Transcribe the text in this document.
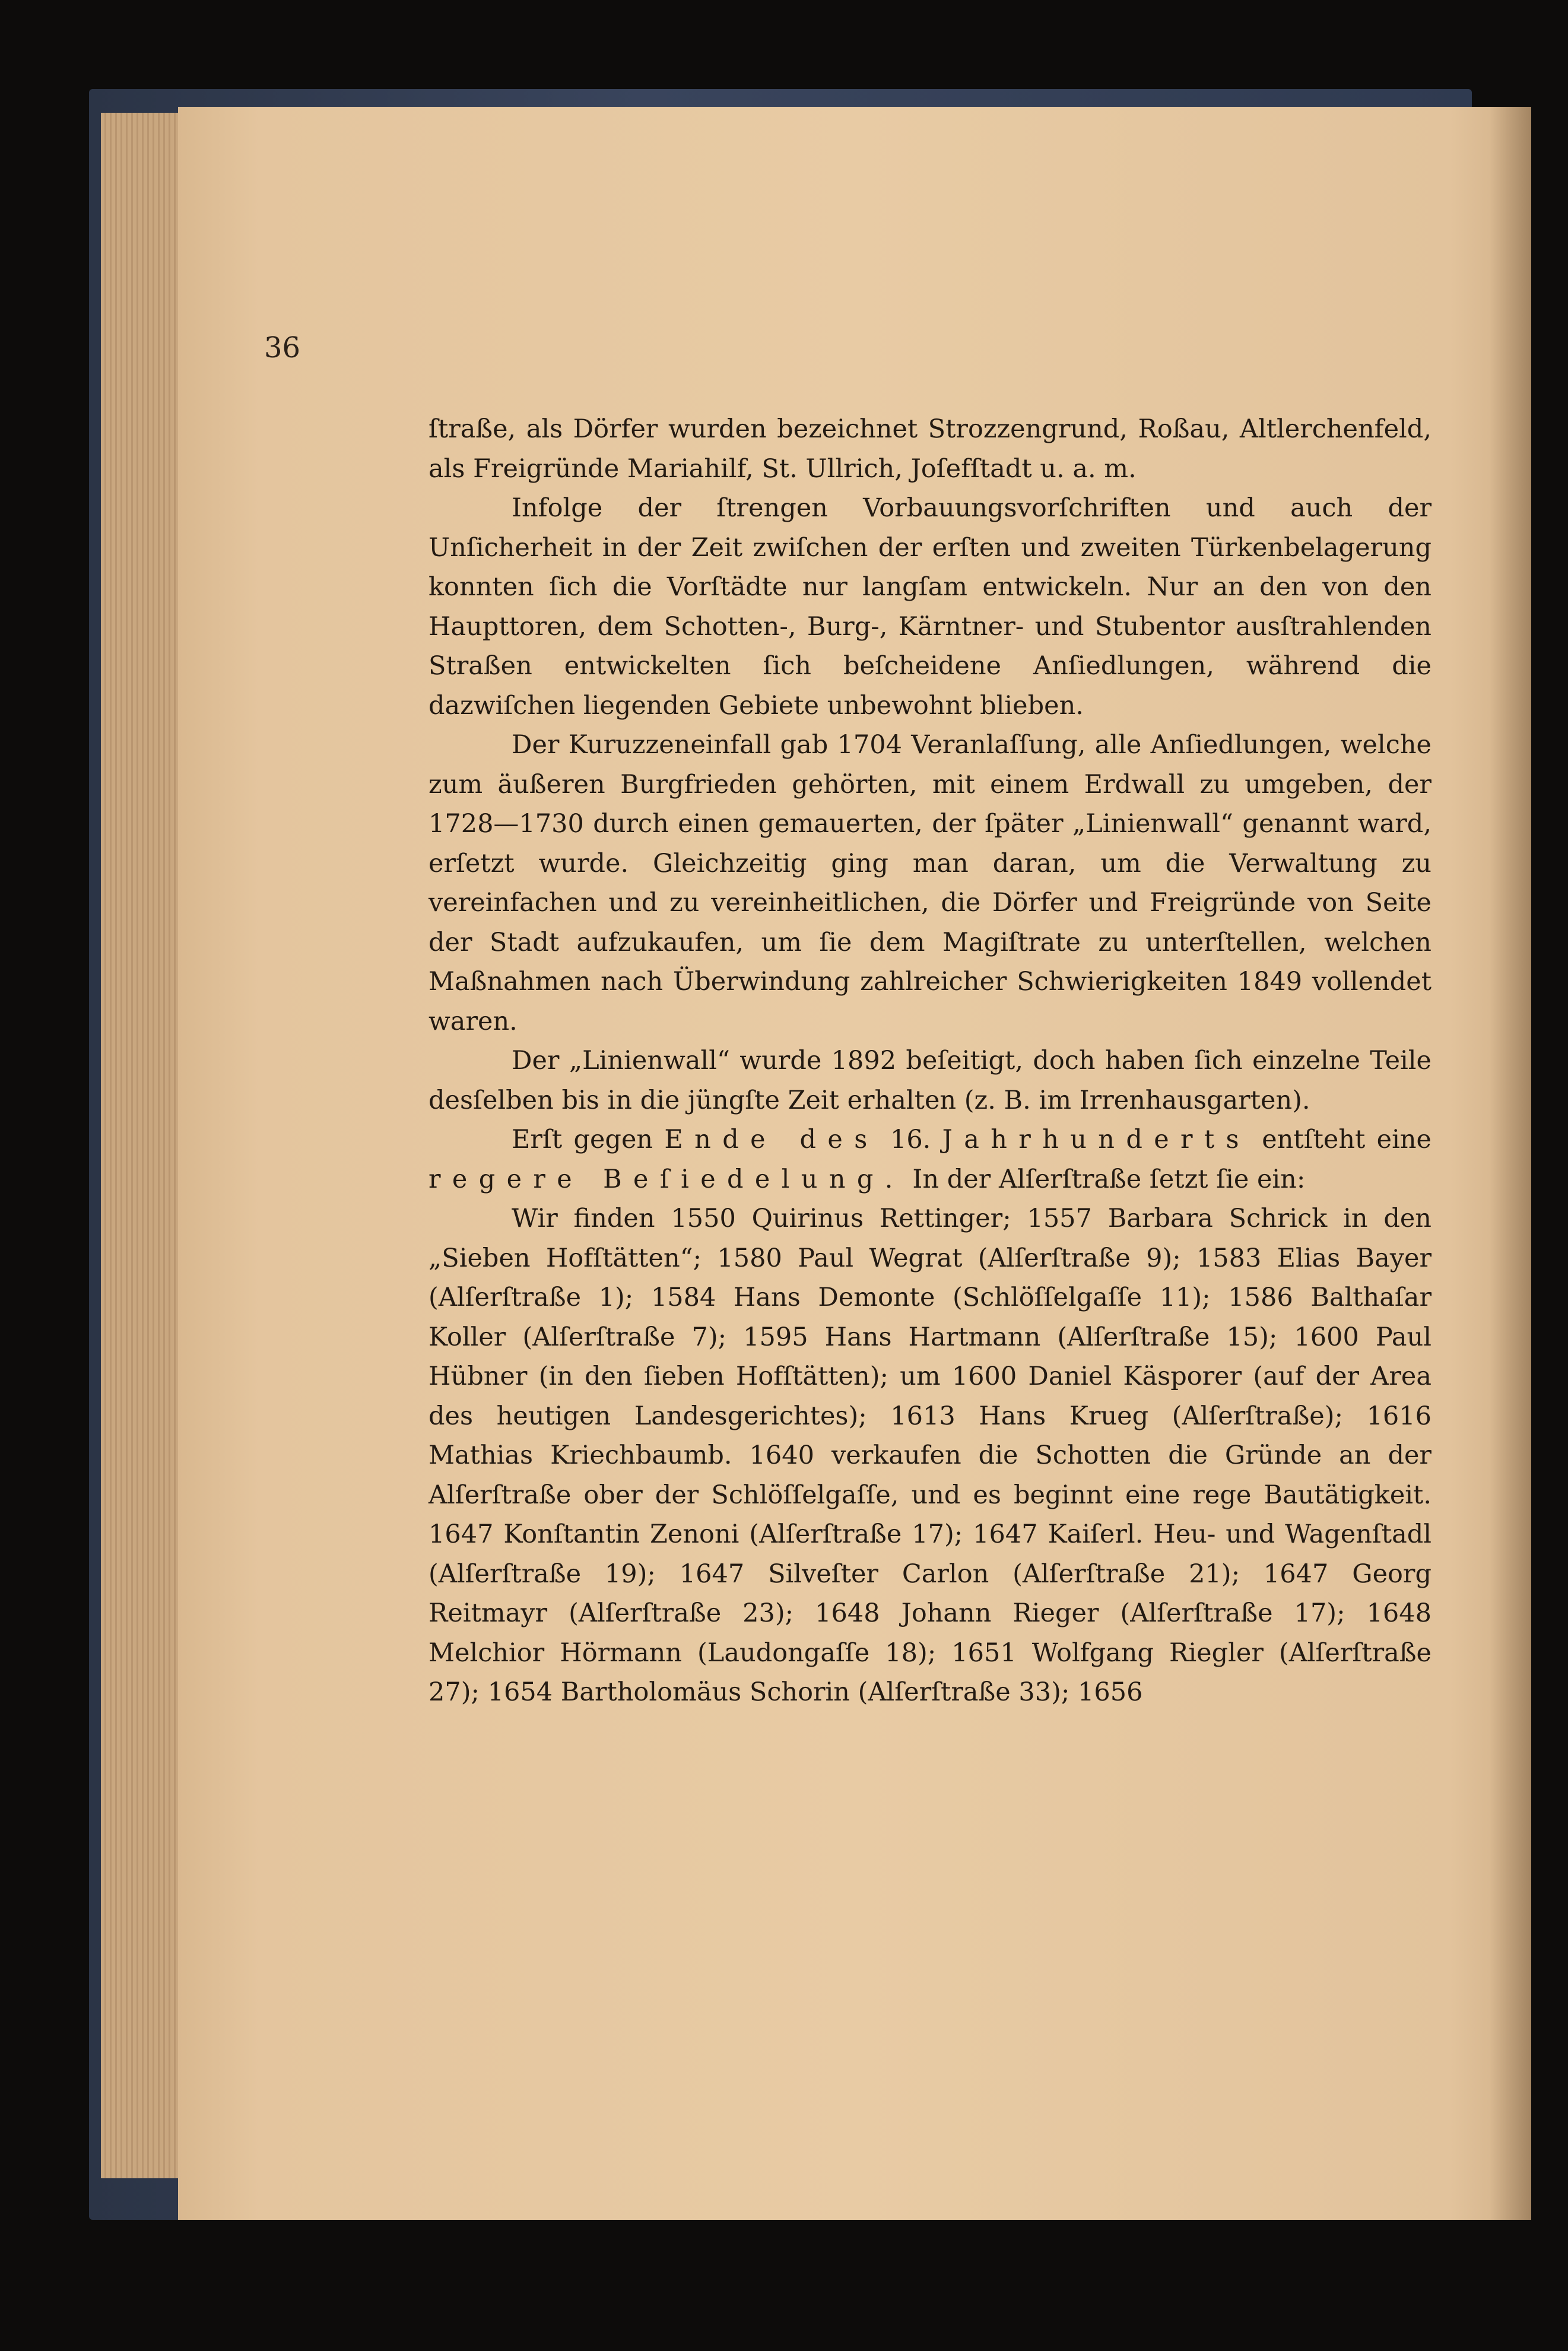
36

ſtraße, als Dörfer wurden bezeichnet Strozzengrund, Roßau, Altlerchenfeld, als Freigründe Mariahilf, St. Ullrich, Joſefſtadt u. a. m.

Infolge der ſtrengen Vorbauungsvorſchriften und auch der Unſicherheit in der Zeit zwiſchen der erſten und zweiten Türkenbelagerung konnten ſich die Vorſtädte nur langſam entwickeln. Nur an den von den Haupttoren, dem Schotten-, Burg-, Kärntner- und Stubentor ausſtrahlenden Straßen entwickelten ſich beſcheidene Anſiedlungen, während die dazwiſchen liegenden Gebiete unbewohnt blieben.

Der Kuruzzeneinfall gab 1704 Veranlaſſung, alle Anſiedlungen, welche zum äußeren Burgfrieden gehörten, mit einem Erdwall zu umgeben, der 1728—1730 durch einen gemauerten, der ſpäter „Linienwall“ genannt ward, erſetzt wurde. Gleichzeitig ging man daran, um die Verwaltung zu vereinfachen und zu vereinheitlichen, die Dörfer und Freigründe von Seite der Stadt aufzukaufen, um ſie dem Magiſtrate zu unterſtellen, welchen Maßnahmen nach Überwindung zahlreicher Schwierigkeiten 1849 vollendet waren.

Der „Linienwall“ wurde 1892 beſeitigt, doch haben ſich einzelne Teile desſelben bis in die jüngſte Zeit erhalten (z. B. im Irrenhausgarten).

Erſt gegen Ende des 16. Jahrhunderts entſteht eine regere Beſiedelung. In der Alſerſtraße ſetzt ſie ein:

Wir finden 1550 Quirinus Rettinger; 1557 Barbara Schrick in den „Sieben Hofſtätten“; 1580 Paul Wegrat (Alſerſtraße 9); 1583 Elias Bayer (Alſerſtraße 1); 1584 Hans Demonte (Schlöſſelgaſſe 11); 1586 Balthaſar Koller (Alſerſtraße 7); 1595 Hans Hartmann (Alſerſtraße 15); 1600 Paul Hübner (in den ſieben Hofſtätten); um 1600 Daniel Käsporer (auf der Area des heutigen Landesgerichtes); 1613 Hans Krueg (Alſerſtraße); 1616 Mathias Kriechbaumb. 1640 verkaufen die Schotten die Gründe an der Alſerſtraße ober der Schlöſſelgaſſe, und es beginnt eine rege Bautätigkeit. 1647 Konſtantin Zenoni (Alſerſtraße 17); 1647 Kaiſerl. Heu- und Wagenſtadl (Alſerſtraße 19); 1647 Silveſter Carlon (Alſerſtraße 21); 1647 Georg Reitmayr (Alſerſtraße 23); 1648 Johann Rieger (Alſerſtraße 17); 1648 Melchior Hörmann (Laudongaſſe 18); 1651 Wolfgang Riegler (Alſerſtraße 27); 1654 Bartholomäus Schorin (Alſerſtraße 33); 1656
